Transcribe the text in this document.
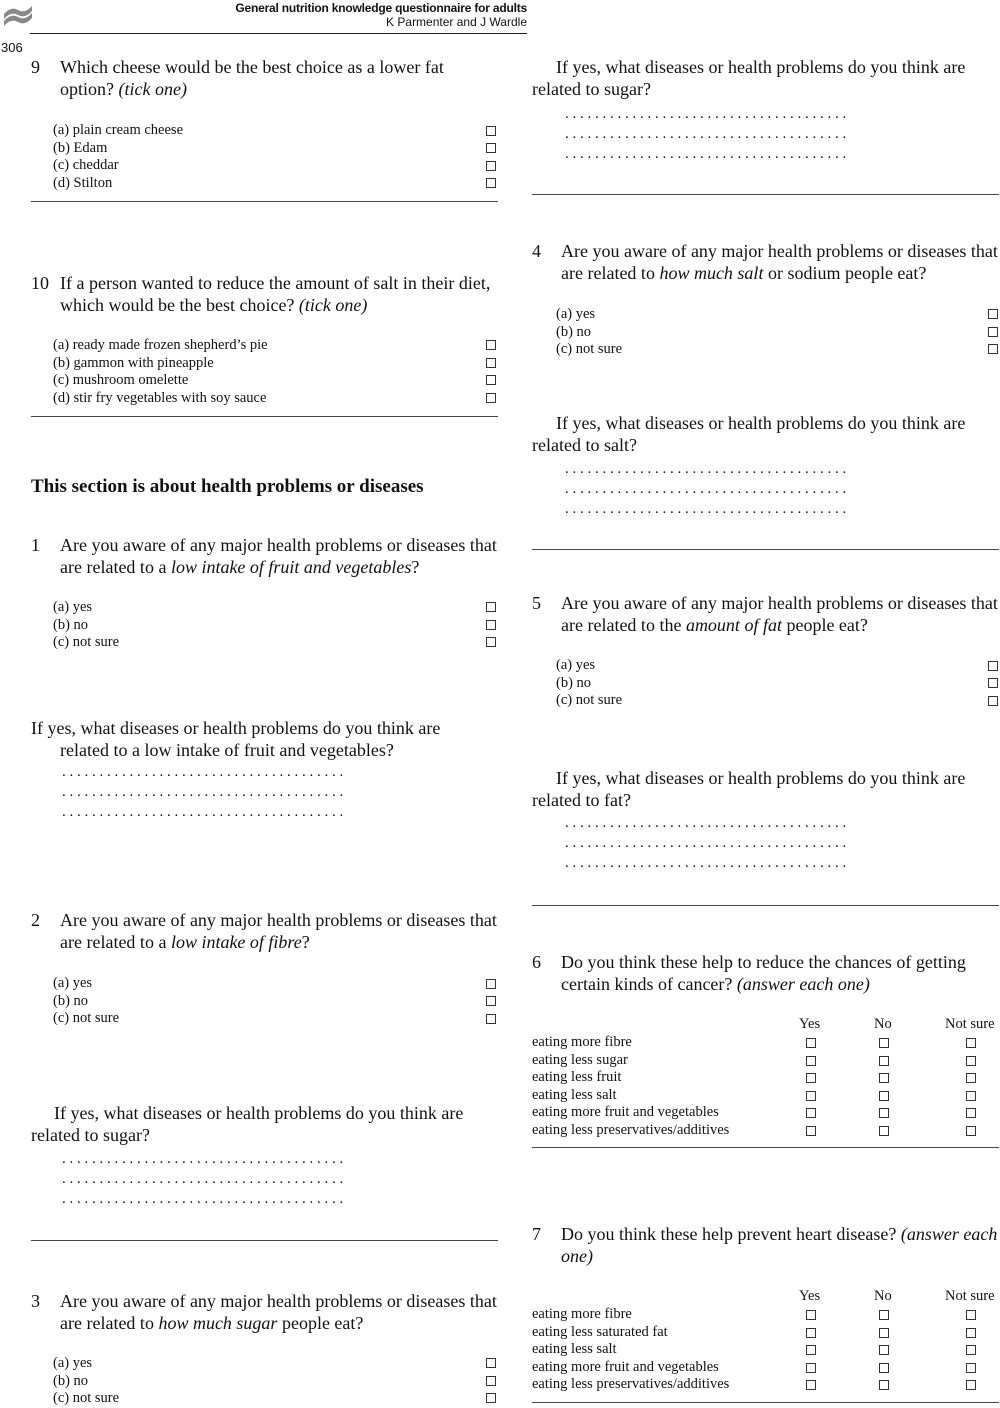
General nutrition knowledge questionnaire for adults
K Parmenter and J Wardle
306
9 Which cheese would be the best choice as a lower fat option? (tick one)
(a) plain cream cheese
(b) Edam
(c) cheddar
(d) Stilton
10 If a person wanted to reduce the amount of salt in their diet, which would be the best choice? (tick one)
(a) ready made frozen shepherd’s pie
(b) gammon with pineapple
(c) mushroom omelette
(d) stir fry vegetables with soy sauce
This section is about health problems or diseases
1 Are you aware of any major health problems or diseases that are related to a low intake of fruit and vegetables?
(a) yes
(b) no
(c) not sure
If yes, what diseases or health problems do you think are
related to a low intake of fruit and vegetables?
. . . . . . . . . . . . . . . . . . . . . . . . . . . . . . . . . . . . . .
. . . . . . . . . . . . . . . . . . . . . . . . . . . . . . . . . . . . . .
. . . . . . . . . . . . . . . . . . . . . . . . . . . . . . . . . . . . . .
2 Are you aware of any major health problems or diseases that are related to a low intake of fibre?
(a) yes
(b) no
(c) not sure
If yes, what diseases or health problems do you think are
related to sugar?
. . . . . . . . . . . . . . . . . . . . . . . . . . . . . . . . . . . . . .
. . . . . . . . . . . . . . . . . . . . . . . . . . . . . . . . . . . . . .
. . . . . . . . . . . . . . . . . . . . . . . . . . . . . . . . . . . . . .
3 Are you aware of any major health problems or diseases that are related to how much sugar people eat?
(a) yes
(b) no
(c) not sure
If yes, what diseases or health problems do you think are
related to sugar?
. . . . . . . . . . . . . . . . . . . . . . . . . . . . . . . . . . . . . .
. . . . . . . . . . . . . . . . . . . . . . . . . . . . . . . . . . . . . .
. . . . . . . . . . . . . . . . . . . . . . . . . . . . . . . . . . . . . .
4 Are you aware of any major health problems or diseases that are related to how much salt or sodium people eat?
(a) yes
(b) no
(c) not sure
If yes, what diseases or health problems do you think are
related to salt?
. . . . . . . . . . . . . . . . . . . . . . . . . . . . . . . . . . . . . .
. . . . . . . . . . . . . . . . . . . . . . . . . . . . . . . . . . . . . .
. . . . . . . . . . . . . . . . . . . . . . . . . . . . . . . . . . . . . .
5 Are you aware of any major health problems or diseases that are related to the amount of fat people eat?
(a) yes
(b) no
(c) not sure
If yes, what diseases or health problems do you think are
related to fat?
. . . . . . . . . . . . . . . . . . . . . . . . . . . . . . . . . . . . . .
. . . . . . . . . . . . . . . . . . . . . . . . . . . . . . . . . . . . . .
. . . . . . . . . . . . . . . . . . . . . . . . . . . . . . . . . . . . . .
6 Do you think these help to reduce the chances of getting certain kinds of cancer? (answer each one)
Yes	No	Not sure
eating more fibre
eating less sugar
eating less fruit
eating less salt
eating more fruit and vegetables
eating less preservatives/additives
7 Do you think these help prevent heart disease? (answer each one)
Yes	No	Not sure
eating more fibre
eating less saturated fat
eating less salt
eating more fruit and vegetables
eating less preservatives/additives
